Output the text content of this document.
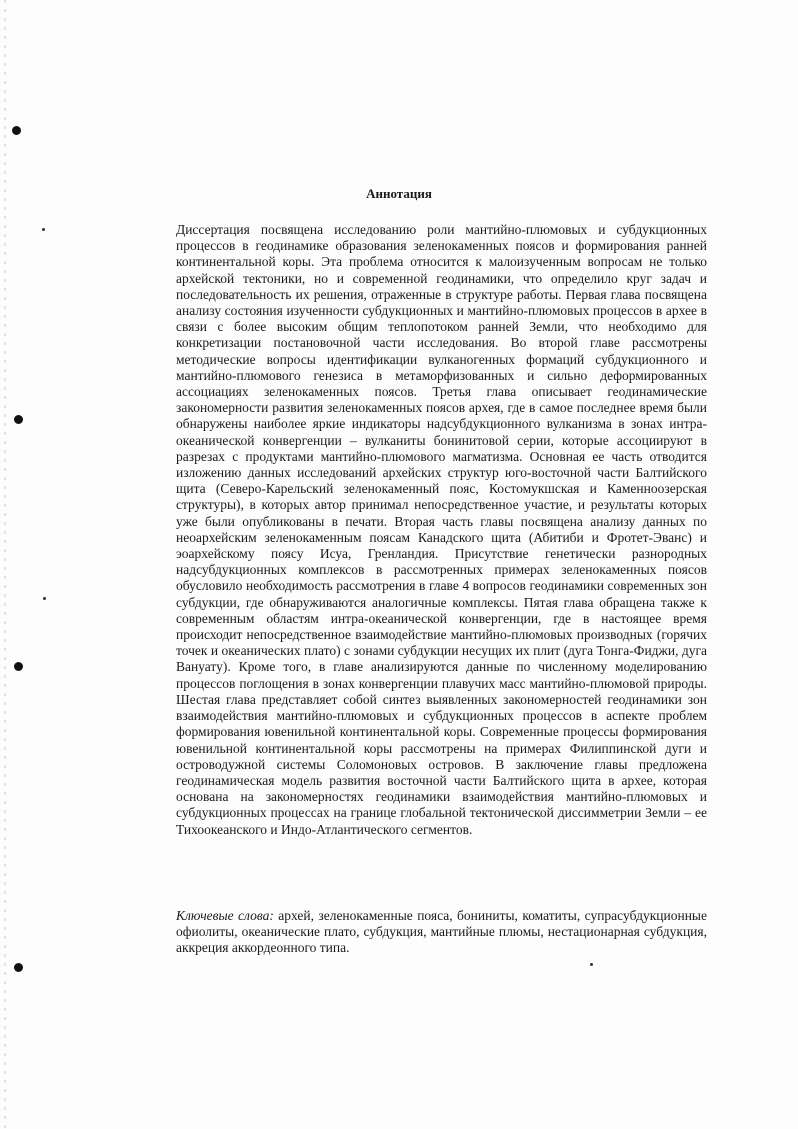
Аннотация

Диссертация посвящена исследованию роли мантийно-плюмовых и субдукционных процессов в геодинамике образования зеленокаменных поясов и формирования ранней континентальной коры. Эта проблема относится к малоизученным вопросам не только архейской тектоники, но и современной геодинамики, что определило круг задач и последовательность их решения, отраженные в структуре работы. Первая глава посвящена анализу состояния изученности субдукционных и мантийно-плюмовых процессов в архее в связи с более высоким общим теплопотоком ранней Земли, что необходимо для конкретизации постановочной части исследования. Во второй главе рассмотрены методические вопросы идентификации вулканогенных формаций субдукционного и мантийно-плюмового генезиса в метаморфизованных и сильно деформированных ассоциациях зеленокаменных поясов. Третья глава описывает геодинамические закономерности развития зеленокаменных поясов архея, где в самое последнее время были обнаружены наиболее яркие индикаторы надсубдукционного вулканизма в зонах интра-океанической конвергенции – вулканиты бонинитовой серии, которые ассоциируют в разрезах с продуктами мантийно-плюмового магматизма. Основная ее часть отводится изложению данных исследований архейских структур юго-восточной части Балтийского щита (Северо-Карельский зеленокаменный пояс, Костомукшская и Каменноозерская структуры), в которых автор принимал непосредственное участие, и результаты которых уже были опубликованы в печати. Вторая часть главы посвящена анализу данных по неоархейским зеленокаменным поясам Канадского щита (Абитиби и Фротет-Эванс) и эоархейскому поясу Исуа, Гренландия. Присутствие генетически разнородных надсубдукционных комплексов в рассмотренных примерах зеленокаменных поясов обусловило необходимость рассмотрения в главе 4 вопросов геодинамики современных зон субдукции, где обнаруживаются аналогичные комплексы. Пятая глава обращена также к современным областям интра-океанической конвергенции, где в настоящее время происходит непосредственное взаимодействие мантийно-плюмовых производных (горячих точек и океанических плато) с зонами субдукции несущих их плит (дуга Тонга-Фиджи, дуга Вануату). Кроме того, в главе анализируются данные по численному моделированию процессов поглощения в зонах конвергенции плавучих масс мантийно-плюмовой природы. Шестая глава представляет собой синтез выявленных закономерностей геодинамики зон взаимодействия мантийно-плюмовых и субдукционных процессов в аспекте проблем формирования ювенильной континентальной коры. Современные процессы формирования ювенильной континентальной коры рассмотрены на примерах Филиппинской дуги и островодужной системы Соломоновых островов. В заключение главы предложена геодинамическая модель развития восточной части Балтийского щита в архее, которая основана на закономерностях геодинамики взаимодействия мантийно-плюмовых и субдукционных процессах на границе глобальной тектонической диссимметрии Земли – ее Тихоокеанского и Индо-Атлантического сегментов.

Ключевые слова: архей, зеленокаменные пояса, бониниты, коматиты, супрасубдукционные офиолиты, океанические плато, субдукция, мантийные плюмы, нестационарная субдукция, аккреция аккордеонного типа.
